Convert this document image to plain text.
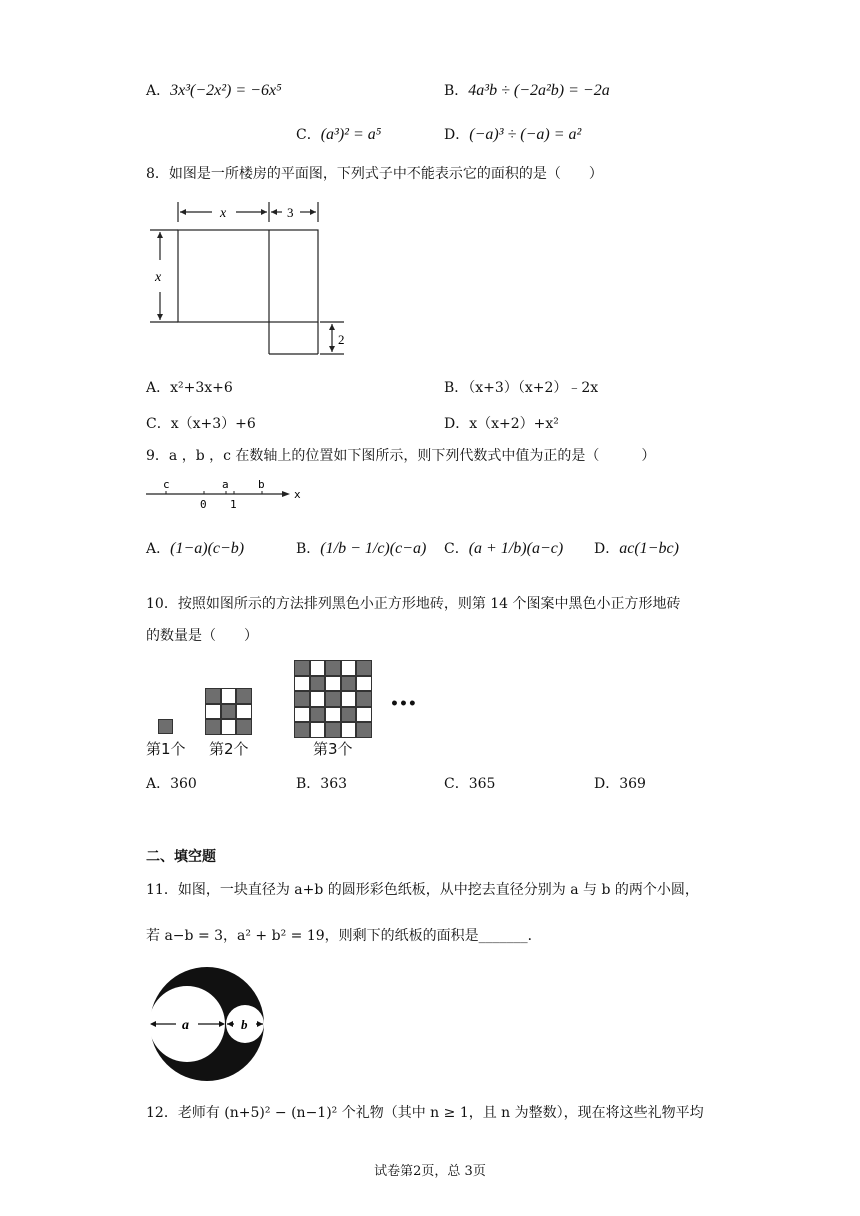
A．3x³(−2x²) = −6x⁵	B．4a³b ÷ (−2a²b) = −2a
C．(a³)² = a⁵	D．(−a)³ ÷ (−a) = a²
8．如图是一所楼房的平面图，下列式子中不能表示它的面积的是（　　）
x	3
x
2
A．x²+3x+6	B．（x+3）（x+2）﹣2x
C．x（x+3）+6	D．x（x+2）+x²
9．a ，b ，c 在数轴上的位置如下图所示，则下列代数式中值为正的是（　　　）
c	a	b
0 1
x
A．(1−a)(c−b)	B．(1/b − 1/c)(c−a) C．(a + 1/b)(a−c) D．ac(1−bc)
10．按照如图所示的方法排列黑色小正方形地砖，则第 14 个图案中黑色小正方形地砖
的数量是（　　）
•••
第1个 第2个	第3个
A．360	B．363	C．365	D．369
二、填空题
11．如图，一块直径为 a+b 的圆形彩色纸板，从中挖去直径分别为 a 与 b 的两个小圆，
若 a−b = 3，a² + b² = 19，则剩下的纸板的面积是_______．
a	b
12．老师有 (n+5)² − (n−1)² 个礼物（其中 n ≥ 1，且 n 为整数），现在将这些礼物平均
试卷第2页，总 3页
